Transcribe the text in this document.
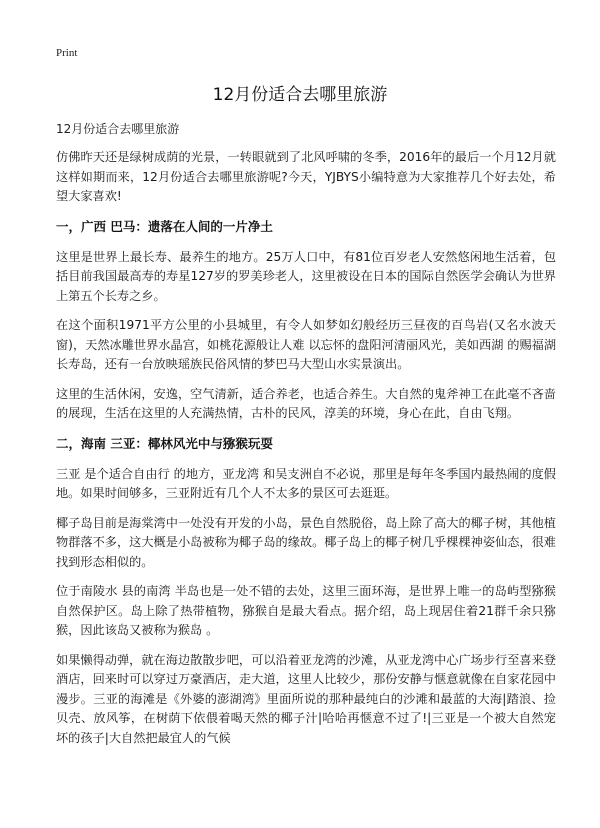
Print
12月份适合去哪里旅游
12月份适合去哪里旅游

仿佛昨天还是绿树成荫的光景，一转眼就到了北风呼啸的冬季，2016年的最后一个月12月就这样如期而来，12月份适合去哪里旅游呢?今天，YJBYS小编特意为大家推荐几个好去处，希望大家喜欢!

一，广西 巴马：遗落在人间的一片净土

这里是世界上最长寿、最养生的地方。25万人口中，有81位百岁老人安然悠闲地生活着，包括目前我国最高寿的寿星127岁的罗美珍老人，这里被设在日本的国际自然医学会确认为世界上第五个长寿之乡。

在这个面积1971平方公里的小县城里，有令人如梦如幻般经历三昼夜的百鸟岩(又名水波天窗)，天然冰雕世界水晶宫，如桃花源般让人难 以忘怀的盘阳河清丽风光，美如西湖 的赐福湖长寿岛，还有一台放映瑶族民俗风情的梦巴马大型山水实景演出。

这里的生活休闲，安逸，空气清新，适合养老，也适合养生。大自然的鬼斧神工在此毫不吝啬的展现，生活在这里的人充满热情，古朴的民风，淳美的环境，身心在此，自由飞翔。

二，海南 三亚：椰林风光中与猕猴玩耍

三亚 是个适合自由行 的地方，亚龙湾 和吴支洲自不必说，那里是每年冬季国内最热闹的度假地。如果时间够多，三亚附近有几个人不太多的景区可去逛逛。

椰子岛目前是海棠湾中一处没有开发的小岛，景色自然脱俗，岛上除了高大的椰子树，其他植物群落不多，这大概是小岛被称为椰子岛的缘故。椰子岛上的椰子树几乎棵棵神姿仙态，很难 找到形态相似的。

位于南陵水 县的南湾 半岛也是一处不错的去处，这里三面环海，是世界上唯一的岛屿型猕猴自然保护区。岛上除了热带植物，猕猴自是最大看点。据介绍，岛上现居住着21群千余只猕猴，因此该岛又被称为猴岛 。

如果懒得动弹，就在海边散散步吧，可以沿着亚龙湾的沙滩，从亚龙湾中心广场步行至喜来登酒店，回来时可以穿过万豪酒店，走大道，这里人比较少，那份安静与惬意就像在自家花园中漫步。三亚的海滩是《外婆的澎湖湾》里面所说的那种最纯白的沙滩和最蓝的大海|踏浪、捡贝壳、放风筝，在树荫下依偎着喝天然的椰子汁|哈哈再惬意不过了!|三亚是一个被大自然宠坏的孩子|大自然把最宜人的气候
